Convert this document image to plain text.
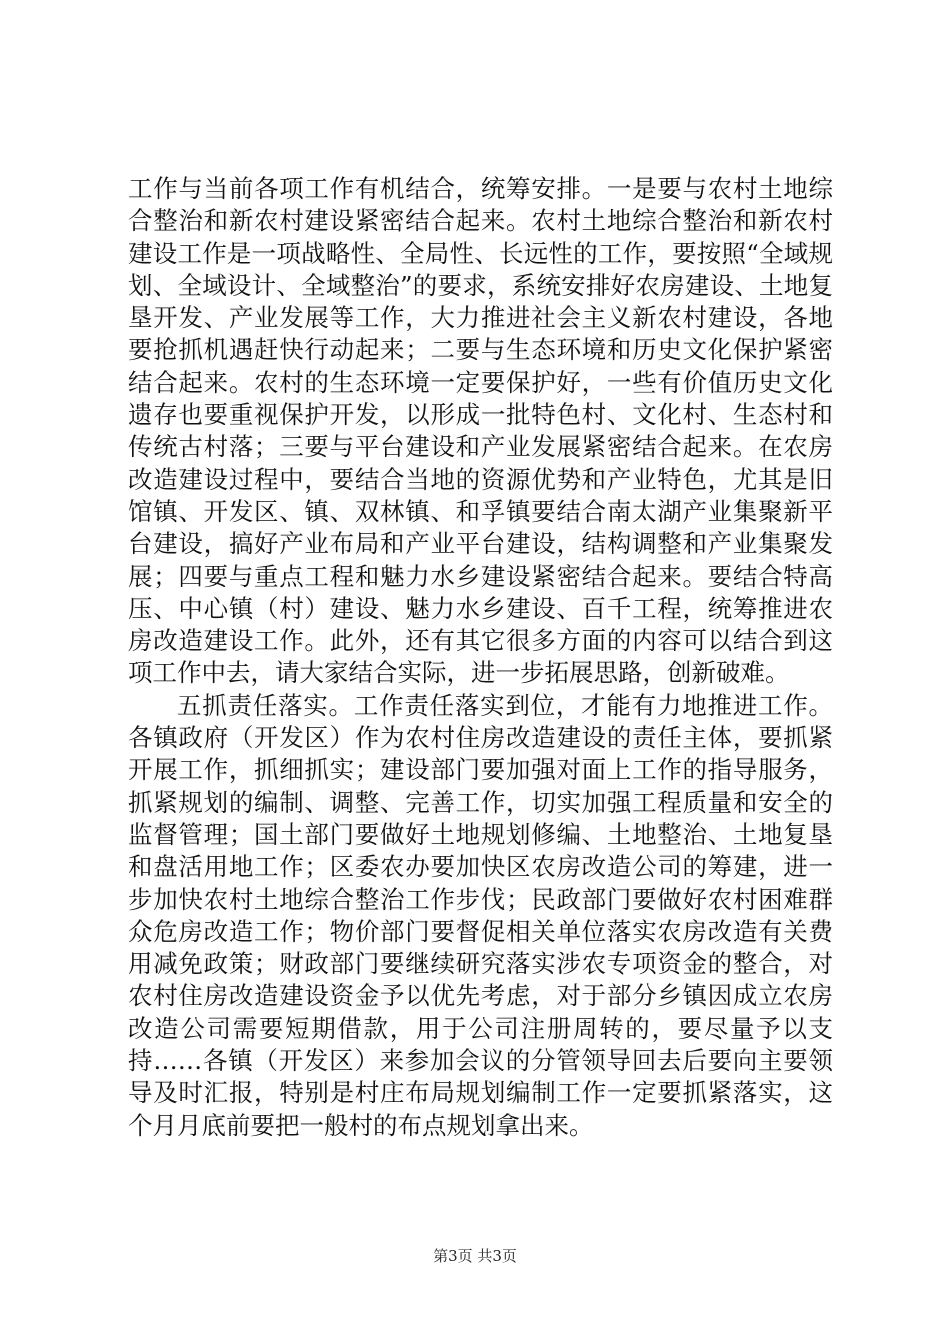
工作与当前各项工作有机结合，统筹安排。一是要与农村土地综合整治和新农村建设紧密结合起来。农村土地综合整治和新农村建设工作是一项战略性、全局性、长远性的工作，要按照“全域规划、全域设计、全域整治”的要求，系统安排好农房建设、土地复垦开发、产业发展等工作，大力推进社会主义新农村建设，各地要抢抓机遇赶快行动起来；二要与生态环境和历史文化保护紧密结合起来。农村的生态环境一定要保护好，一些有价值历史文化遗存也要重视保护开发，以形成一批特色村、文化村、生态村和传统古村落；三要与平台建设和产业发展紧密结合起来。在农房改造建设过程中，要结合当地的资源优势和产业特色，尤其是旧馆镇、开发区、镇、双林镇、和孚镇要结合南太湖产业集聚新平台建设，搞好产业布局和产业平台建设，结构调整和产业集聚发展；四要与重点工程和魅力水乡建设紧密结合起来。要结合特高压、中心镇（村）建设、魅力水乡建设、百千工程，统筹推进农房改造建设工作。此外，还有其它很多方面的内容可以结合到这项工作中去，请大家结合实际，进一步拓展思路，创新破难。

五抓责任落实。工作责任落实到位，才能有力地推进工作。各镇政府（开发区）作为农村住房改造建设的责任主体，要抓紧开展工作，抓细抓实；建设部门要加强对面上工作的指导服务，抓紧规划的编制、调整、完善工作，切实加强工程质量和安全的监督管理；国土部门要做好土地规划修编、土地整治、土地复垦和盘活用地工作；区委农办要加快区农房改造公司的筹建，进一步加快农村土地综合整治工作步伐；民政部门要做好农村困难群众危房改造工作；物价部门要督促相关单位落实农房改造有关费用减免政策；财政部门要继续研究落实涉农专项资金的整合，对农村住房改造建设资金予以优先考虑，对于部分乡镇因成立农房改造公司需要短期借款，用于公司注册周转的，要尽量予以支持……各镇（开发区）来参加会议的分管领导回去后要向主要领导及时汇报，特别是村庄布局规划编制工作一定要抓紧落实，这个月月底前要把一般村的布点规划拿出来。

第3页 共3页
